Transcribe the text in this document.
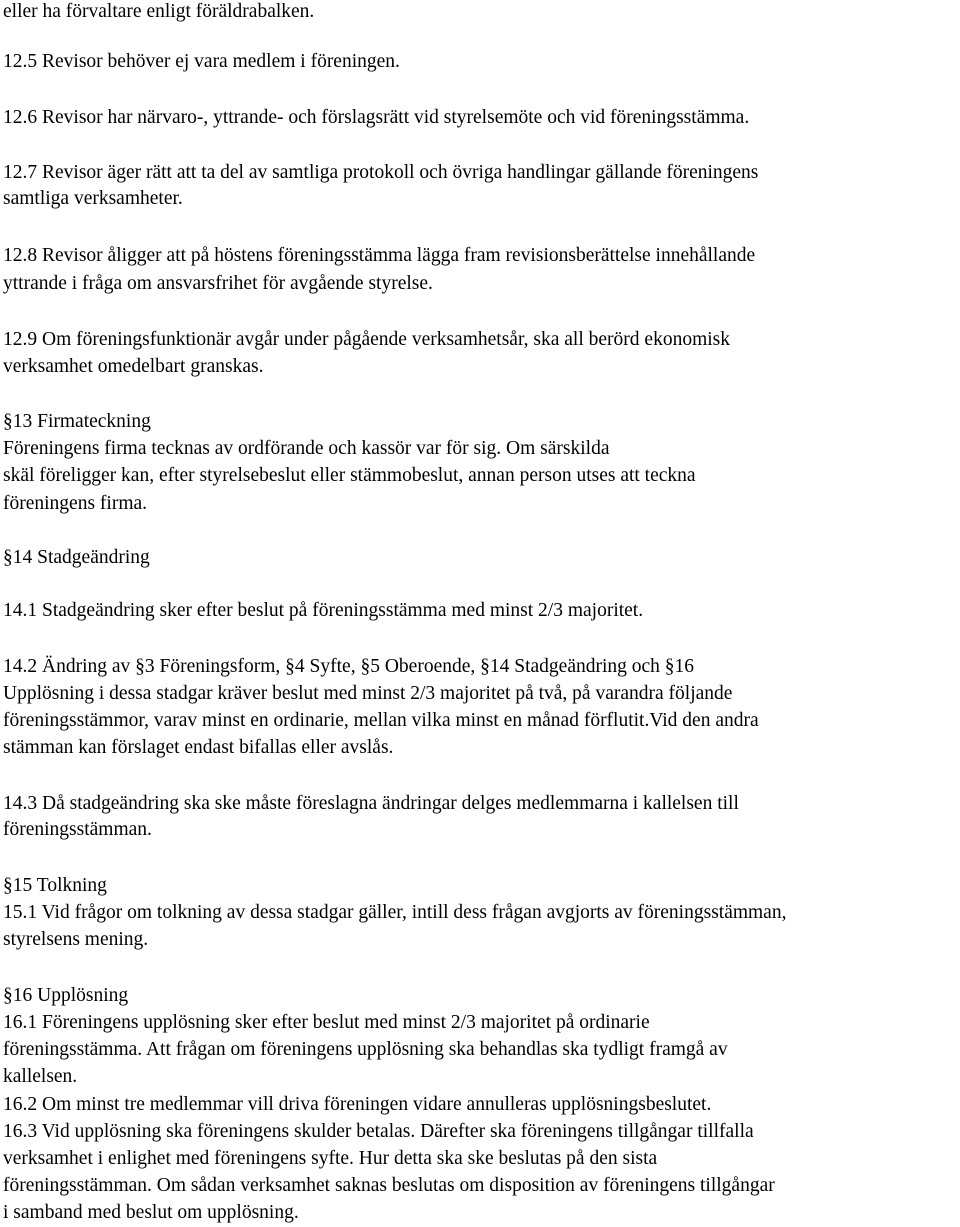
eller ha förvaltare enligt föräldrabalken.
12.5 Revisor behöver ej vara medlem i föreningen.
12.6 Revisor har närvaro-, yttrande- och förslagsrätt vid styrelsemöte och vid föreningsstämma.
12.7 Revisor äger rätt att ta del av samtliga protokoll och övriga handlingar gällande föreningens
samtliga verksamheter.
12.8 Revisor åligger att på höstens föreningsstämma lägga fram revisionsberättelse innehållande
yttrande i fråga om ansvarsfrihet för avgående styrelse.
12.9 Om föreningsfunktionär avgår under pågående verksamhetsår, ska all berörd ekonomisk
verksamhet omedelbart granskas.
§13 Firmateckning
Föreningens firma tecknas av ordförande och kassör var för sig. Om särskilda
skäl föreligger kan, efter styrelsebeslut eller stämmobeslut, annan person utses att teckna
föreningens firma.
§14 Stadgeändring
14.1 Stadgeändring sker efter beslut på föreningsstämma med minst 2/3 majoritet.
14.2 Ändring av §3 Föreningsform, §4 Syfte, §5 Oberoende, §14 Stadgeändring och §16
Upplösning i dessa stadgar kräver beslut med minst 2/3 majoritet på två, på varandra följande
föreningsstämmor, varav minst en ordinarie, mellan vilka minst en månad förflutit.Vid den andra
stämman kan förslaget endast bifallas eller avslås.
14.3 Då stadgeändring ska ske måste föreslagna ändringar delges medlemmarna i kallelsen till
föreningsstämman.
§15 Tolkning
15.1 Vid frågor om tolkning av dessa stadgar gäller, intill dess frågan avgjorts av föreningsstämman,
styrelsens mening.
§16 Upplösning
16.1 Föreningens upplösning sker efter beslut med minst 2/3 majoritet på ordinarie
föreningsstämma. Att frågan om föreningens upplösning ska behandlas ska tydligt framgå av
kallelsen.
16.2 Om minst tre medlemmar vill driva föreningen vidare annulleras upplösningsbeslutet.
16.3 Vid upplösning ska föreningens skulder betalas. Därefter ska föreningens tillgångar tillfalla
verksamhet i enlighet med föreningens syfte. Hur detta ska ske beslutas på den sista
föreningsstämman. Om sådan verksamhet saknas beslutas om disposition av föreningens tillgångar
i samband med beslut om upplösning.
